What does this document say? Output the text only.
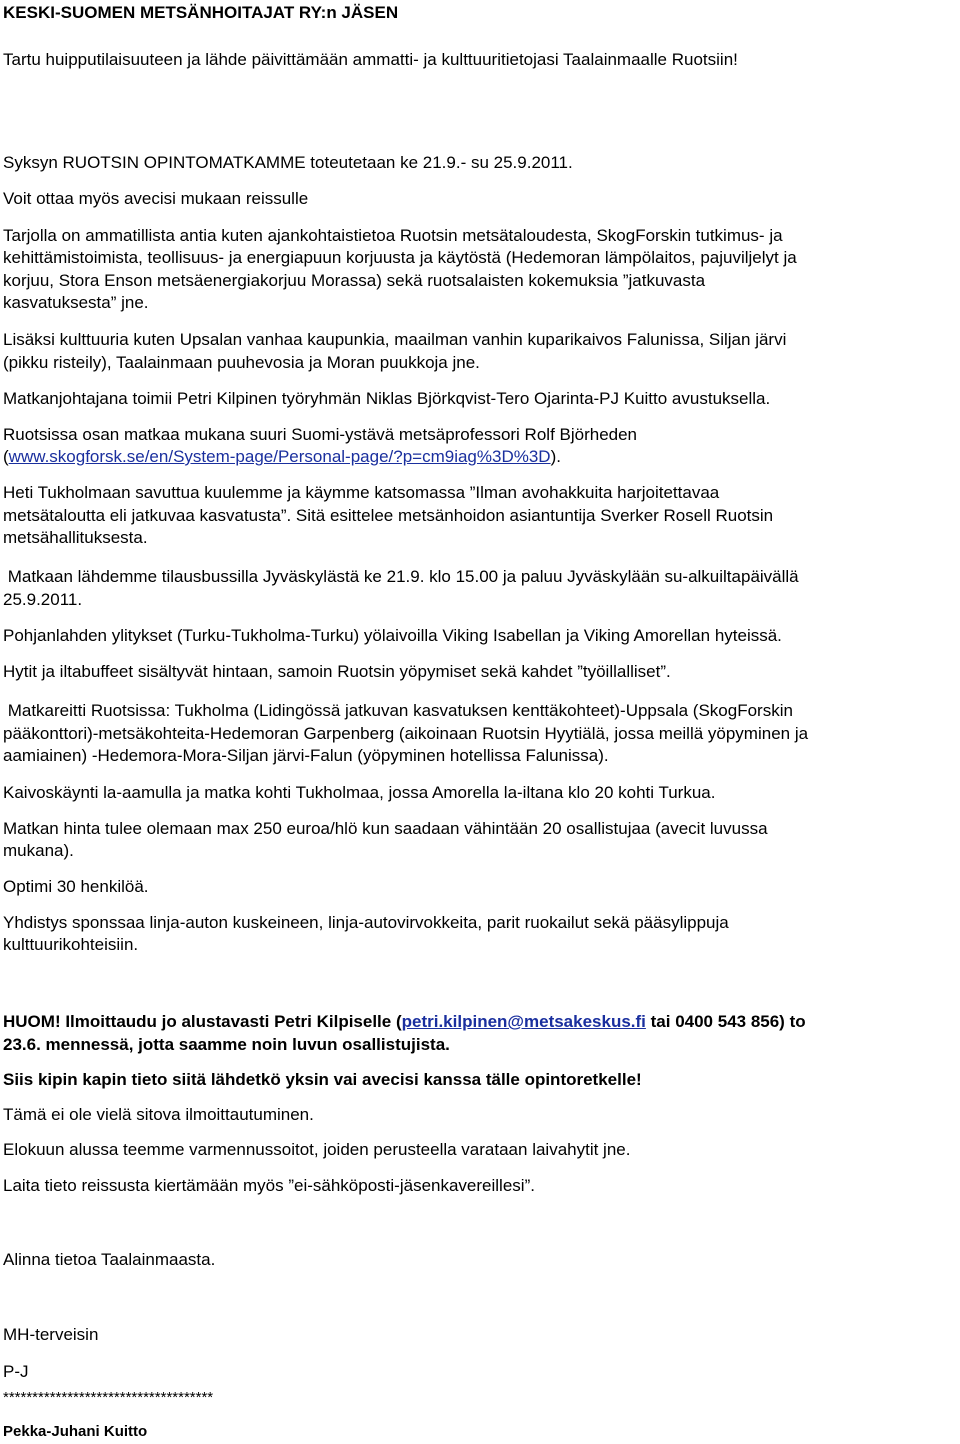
KESKI-SUOMEN METSÄNHOITAJAT RY:n JÄSEN

Tartu huipputilaisuuteen ja lähde päivittämään ammatti- ja kulttuuritietojasi Taalainmaalle Ruotsiin!

Syksyn RUOTSIN OPINTOMATKAMME toteutetaan ke 21.9.- su 25.9.2011.

Voit ottaa myös avecisi mukaan reissulle

Tarjolla on ammatillista antia kuten ajankohtaistietoa Ruotsin metsätaloudesta, SkogForskin tutkimus- ja

kehittämistoimista, teollisuus- ja energiapuun korjuusta ja käytöstä (Hedemoran lämpölaitos, pajuviljelyt ja

korjuu, Stora Enson metsäenergiakorjuu Morassa) sekä ruotsalaisten kokemuksia ”jatkuvasta

kasvatuksesta” jne.

Lisäksi kulttuuria kuten Upsalan vanhaa kaupunkia, maailman vanhin kuparikaivos Falunissa, Siljan järvi

(pikku risteily), Taalainmaan puuhevosia ja Moran puukkoja jne.

Matkanjohtajana toimii Petri Kilpinen työryhmän Niklas Björkqvist-Tero Ojarinta-PJ Kuitto avustuksella.

Ruotsissa osan matkaa mukana suuri Suomi-ystävä metsäprofessori Rolf Björheden

(www.skogforsk.se/en/System-page/Personal-page/?p=cm9iag%3D%3D).

Heti Tukholmaan savuttua kuulemme ja käymme katsomassa ”Ilman avohakkuita harjoitettavaa

metsätaloutta eli jatkuvaa kasvatusta”. Sitä esittelee metsänhoidon asiantuntija Sverker Rosell Ruotsin

metsähallituksesta.

Matkaan lähdemme tilausbussilla Jyväskylästä ke 21.9. klo 15.00 ja paluu Jyväskylään su-alkuiltapäivällä

25.9.2011.

Pohjanlahden ylitykset (Turku-Tukholma-Turku) yölaivoilla Viking Isabellan ja Viking Amorellan hyteissä.

Hytit ja iltabuffeet sisältyvät hintaan, samoin Ruotsin yöpymiset sekä kahdet ”työillalliset”.

Matkareitti Ruotsissa: Tukholma (Lidingössä jatkuvan kasvatuksen kenttäkohteet)-Uppsala (SkogForskin

pääkonttori)-metsäkohteita-Hedemoran Garpenberg (aikoinaan Ruotsin Hyytiälä, jossa meillä yöpyminen ja

aamiainen) -Hedemora-Mora-Siljan järvi-Falun (yöpyminen hotellissa Falunissa).

Kaivoskäynti la-aamulla ja matka kohti Tukholmaa, jossa Amorella la-iltana klo 20 kohti Turkua.

Matkan hinta tulee olemaan max 250 euroa/hlö kun saadaan vähintään 20 osallistujaa (avecit luvussa

mukana).

Optimi 30 henkilöä.

Yhdistys sponssaa linja-auton kuskeineen, linja-autovirvokkeita, parit ruokailut sekä pääsylippuja

kulttuurikohteisiin.

HUOM! Ilmoittaudu jo alustavasti Petri Kilpiselle (petri.kilpinen@metsakeskus.fi tai 0400 543 856) to

23.6. mennessä, jotta saamme noin luvun osallistujista.

Siis kipin kapin tieto siitä lähdetkö yksin vai avecisi kanssa tälle opintoretkelle!

Tämä ei ole vielä sitova ilmoittautuminen.

Elokuun alussa teemme varmennussoitot, joiden perusteella varataan laivahytit jne.

Laita tieto reissusta kiertämään myös ”ei-sähköposti-jäsenkavereillesi”.

Alinna tietoa Taalainmaasta.

MH-terveisin

P-J

************************************

Pekka-Juhani Kuitto
